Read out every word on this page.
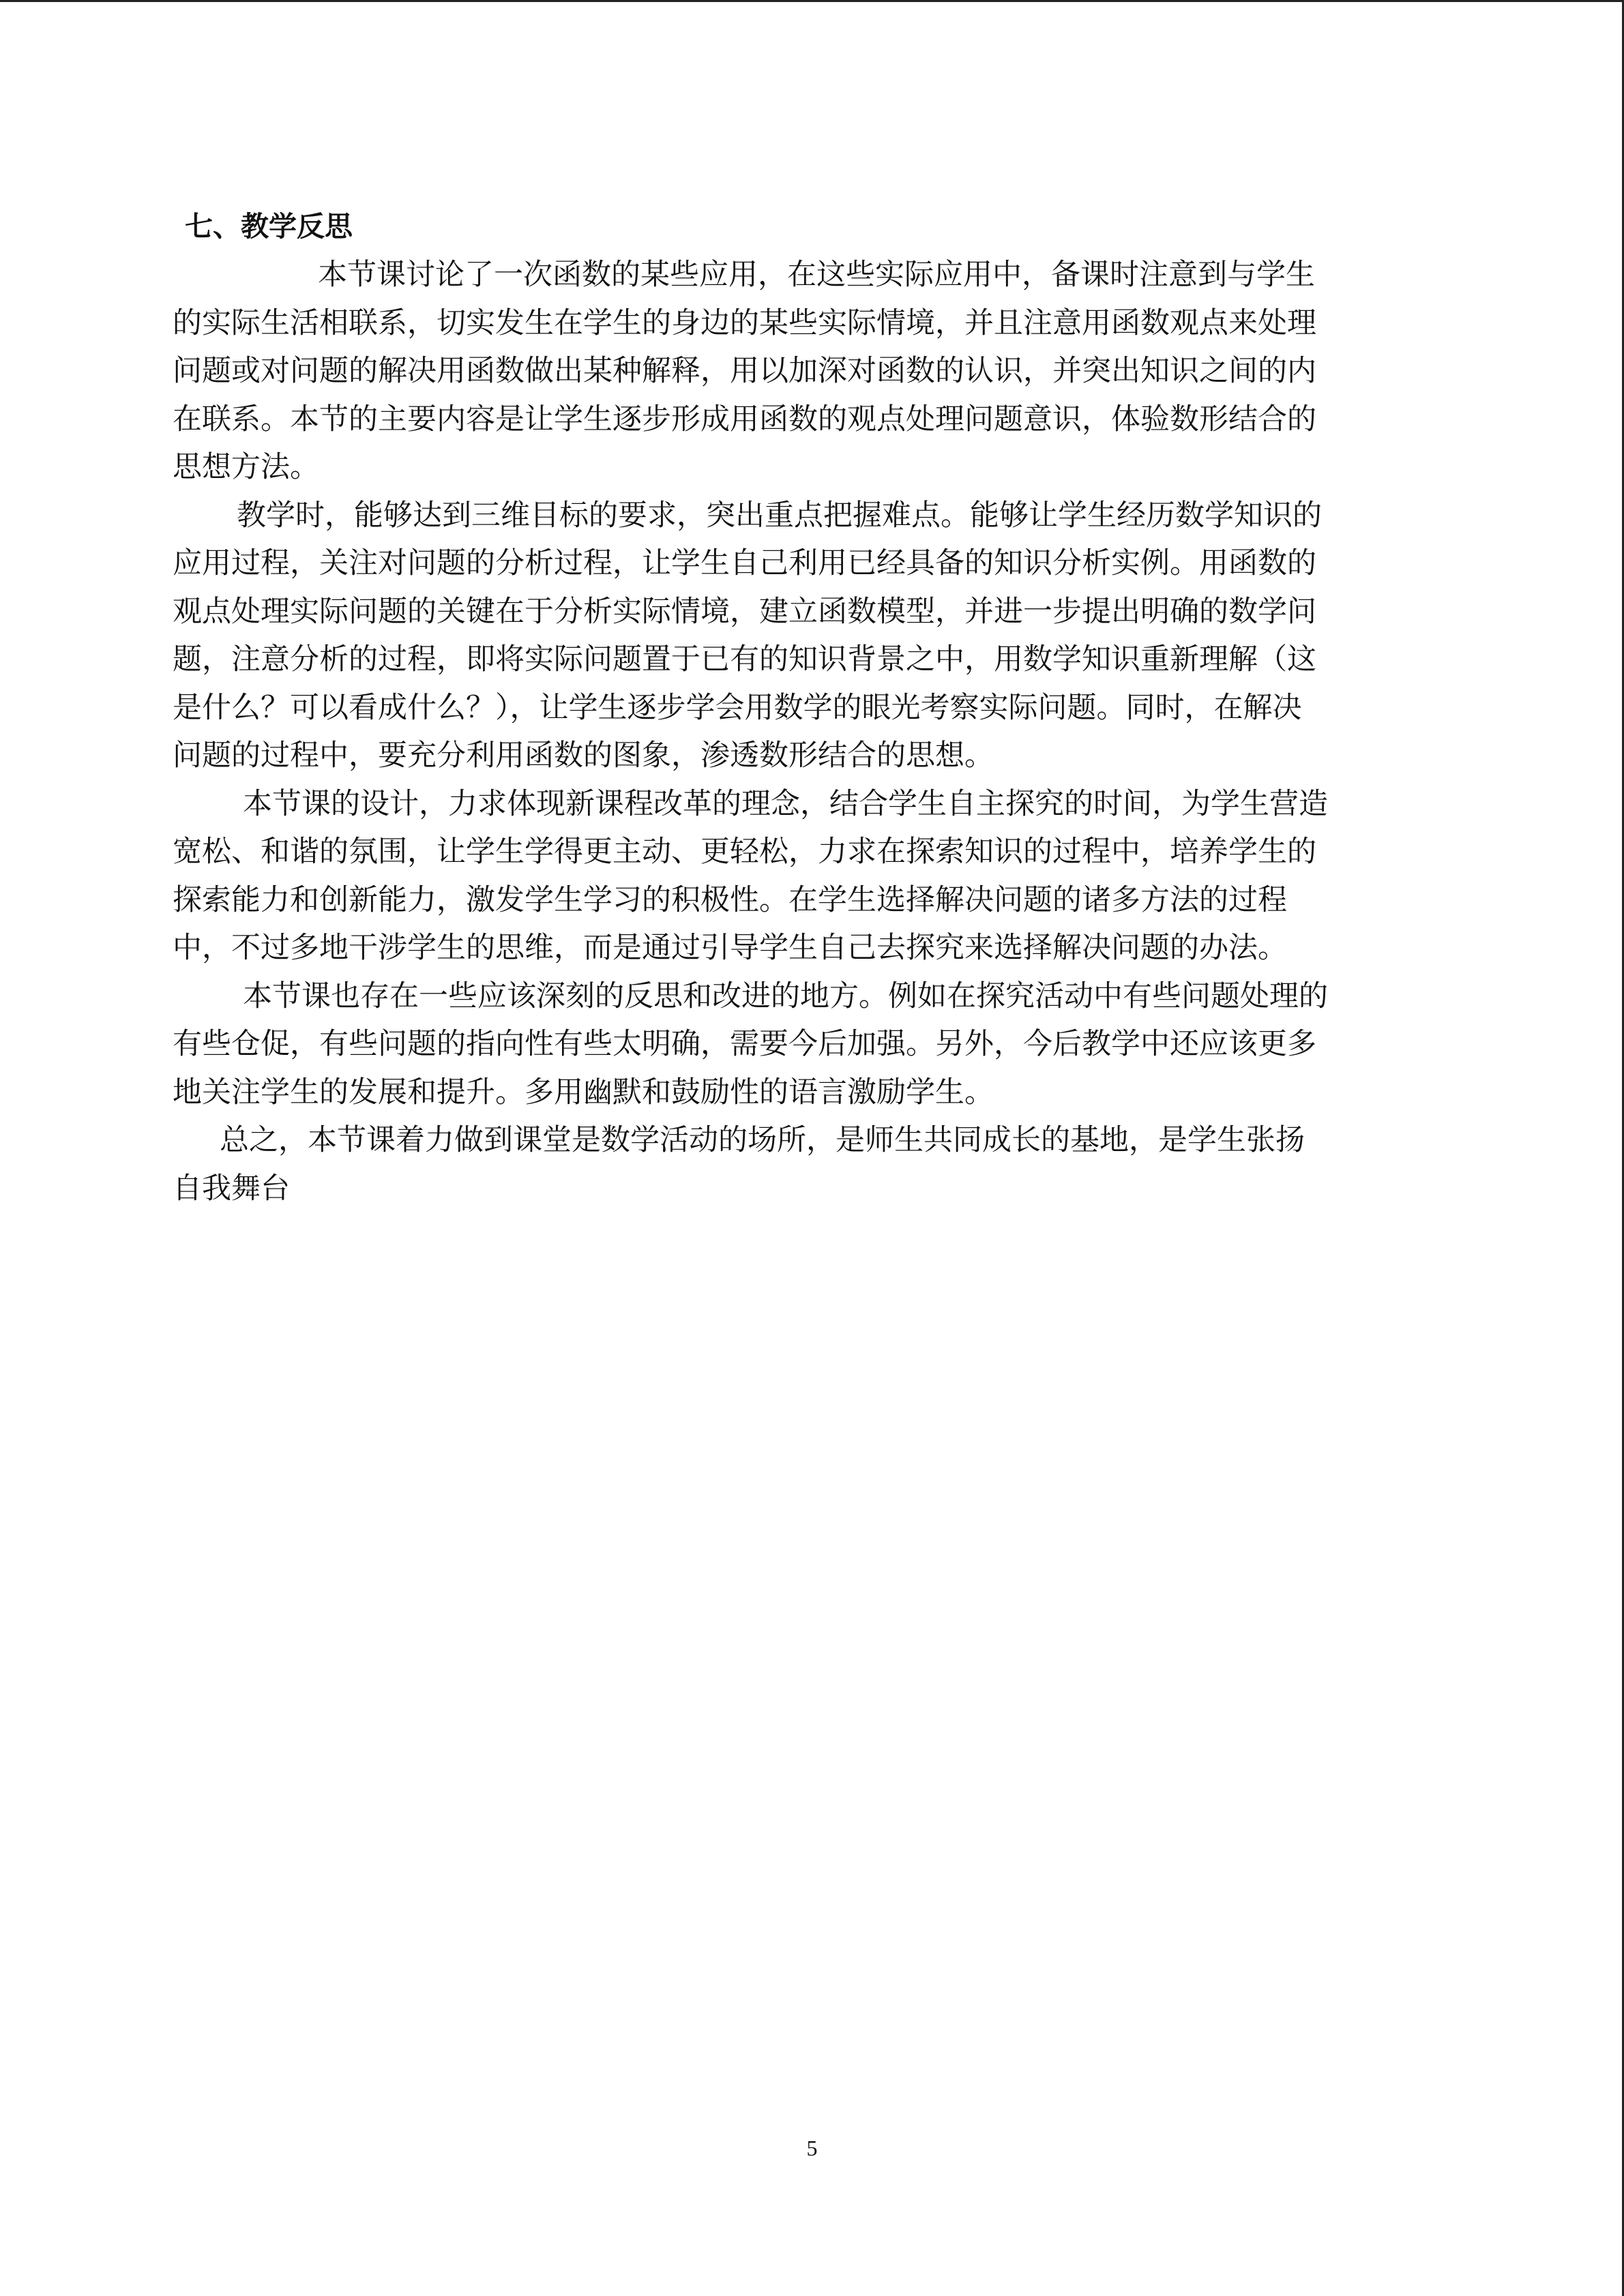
七、教学反思
本节课讨论了一次函数的某些应用，在这些实际应用中，备课时注意到与学生
的实际生活相联系，切实发生在学生的身边的某些实际情境，并且注意用函数观点来处理
问题或对问题的解决用函数做出某种解释，用以加深对函数的认识，并突出知识之间的内
在联系。本节的主要内容是让学生逐步形成用函数的观点处理问题意识，体验数形结合的
思想方法。
教学时，能够达到三维目标的要求，突出重点把握难点。能够让学生经历数学知识的
应用过程，关注对问题的分析过程，让学生自己利用已经具备的知识分析实例。用函数的
观点处理实际问题的关键在于分析实际情境，建立函数模型，并进一步提出明确的数学问
题，注意分析的过程，即将实际问题置于已有的知识背景之中，用数学知识重新理解（这
是什么？可以看成什么？），让学生逐步学会用数学的眼光考察实际问题。同时，在解决
问题的过程中，要充分利用函数的图象，渗透数形结合的思想。
本节课的设计，力求体现新课程改革的理念，结合学生自主探究的时间，为学生营造
宽松、和谐的氛围，让学生学得更主动、更轻松，力求在探索知识的过程中，培养学生的
探索能力和创新能力，激发学生学习的积极性。在学生选择解决问题的诸多方法的过程
中，不过多地干涉学生的思维，而是通过引导学生自己去探究来选择解决问题的办法。
本节课也存在一些应该深刻的反思和改进的地方。例如在探究活动中有些问题处理的
有些仓促，有些问题的指向性有些太明确，需要今后加强。另外，今后教学中还应该更多
地关注学生的发展和提升。多用幽默和鼓励性的语言激励学生。
总之，本节课着力做到课堂是数学活动的场所，是师生共同成长的基地，是学生张扬
自我舞台
5
